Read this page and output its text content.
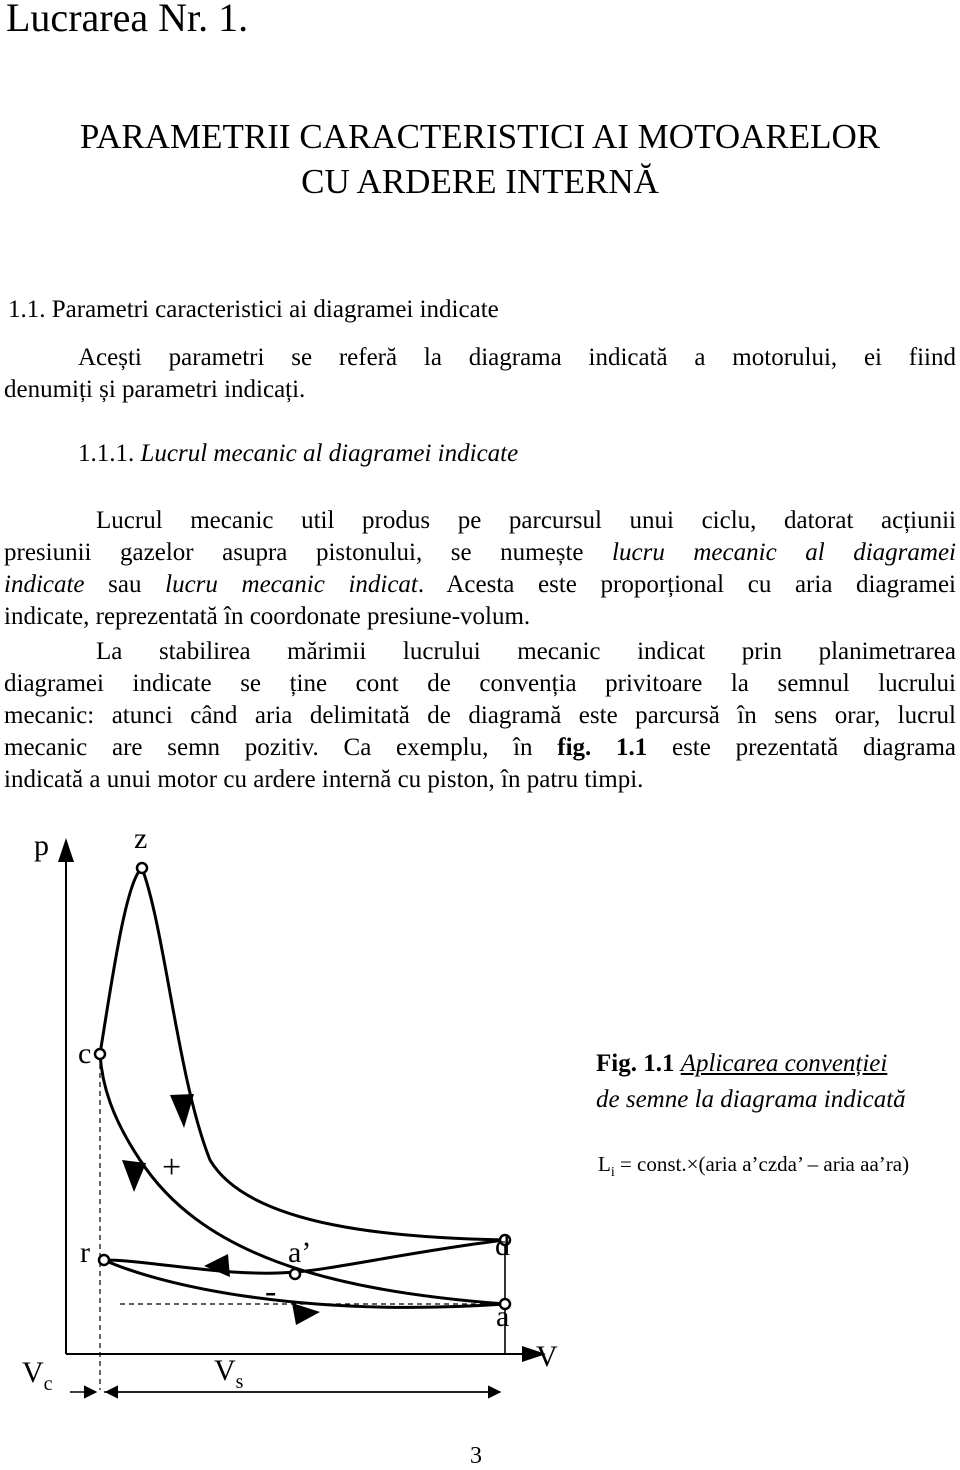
Lucrarea Nr. 1.
PARAMETRII CARACTERISTICI AI MOTOARELOR
CU ARDERE INTERNĂ
1.1. Parametri caracteristici ai diagramei indicate
Acești parametri se referă la diagrama indicată a motorului, ei fiind
denumiți și parametri indicați.
1.1.1. Lucrul mecanic al diagramei indicate
Lucrul mecanic util produs pe parcursul unui ciclu, datorat acțiunii
presiunii gazelor asupra pistonului, se numește lucru mecanic al diagramei
indicate sau lucru mecanic indicat. Acesta este proporțional cu aria diagramei
indicate, reprezentată în coordonate presiune-volum.
La stabilirea mărimii lucrului mecanic indicat prin planimetrarea
diagramei indicate se ține cont de convenția privitoare la semnul lucrului
mecanic: atunci când aria delimitată de diagramă este parcursă în sens orar, lucrul
mecanic are semn pozitiv. Ca exemplu, în fig. 1.1 este prezentată diagrama
indicată a unui motor cu ardere internă cu piston, în patru timpi.
p	z
c
r	a’	d
a
V
+
-
$V_c$	$V_s$
Fig. 1.1 Aplicarea convenției
de semne la diagrama indicată
$L_i$ = const.×(aria a’czda’ – aria aa’ra)
3
